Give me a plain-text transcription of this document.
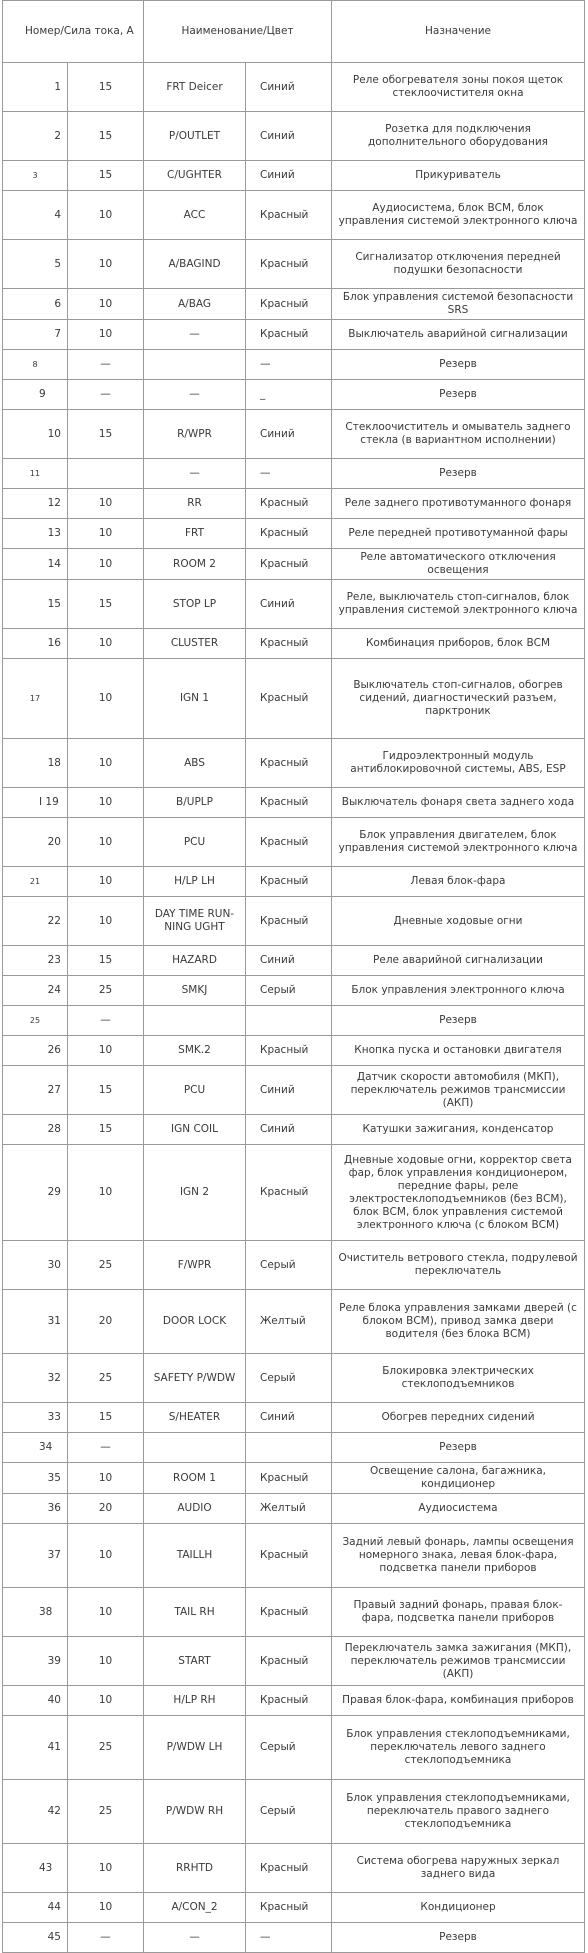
Номер/Сила тока, А		Наименование/Цвет		Назначение
1	15	FRT Deicer	Синий	Реле обогревателя зоны покоя щеток стеклоочистителя окна
2	15	P/OUTLET	Синий	Розетка для подключения дополнительного оборудования
3	15	C/UGHTER	Синий	Прикуриватель
4	10	ACC	Красный	Аудиосистема, блок ВСМ, блок управления системой электронного ключа
5	10	A/BAGIND	Красный	Сигнализатор отключения передней подушки безопасности
6	10	A/BAG	Красный	Блок управления системой безопасности SRS
7	10	—	Красный	Выключатель аварийной сигнализации
8	—		—	Резерв
9	—	—	_	Резерв
10	15	R/WPR	Синий	Стеклоочиститель и омыватель заднего стекла (в вариантном исполнении)
11		—	—	Резерв
12	10	RR	Красный	Реле заднего противотуманного фонаря
13	10	FRT	Красный	Реле передней противотуманной фары
14	10	ROOM 2	Красный	Реле автоматического отключения освещения
15	15	STOP LP	Синий	Реле, выключатель стоп-сигналов, блок управления системой электронного ключа
16	10	CLUSTER	Красный	Комбинация приборов, блок ВСМ
17	10	IGN 1	Красный	Выключатель стоп-сигналов, обогрев сидений, диагностический разъем, парктроник
18	10	ABS	Красный	Гидроэлектронный модуль антиблокировочной системы, ABS, ESP
I 19	10	B/UPLP	Красный	Выключатель фонаря света заднего хода
20	10	PCU	Красный	Блок управления двигателем, блок управления системой электронного ключа
21	10	H/LP LH	Красный	Левая блок-фара
22	10	DAY TIME RUN-NING UGHT	Красный	Дневные ходовые огни
23	15	HAZARD	Синий	Реле аварийной сигнализации
24	25	SMKJ	Серый	Блок управления электронного ключа
25	—			Резерв
26	10	SMK.2	Красный	Кнопка пуска и остановки двигателя
27	15	PCU	Синий	Датчик скорости автомобиля (МКП), переключатель режимов трансмиссии (АКП)
28	15	IGN COIL	Синий	Катушки зажигания, конденсатор
29	10	IGN 2	Красный	Дневные ходовые огни, корректор света фар, блок управления кондиционером, передние фары, реле электростеклоподъемников (без ВСМ), блок ВСМ, блок управления системой электронного ключа (с блоком ВСМ)
30	25	F/WPR	Серый	Очиститель ветрового стекла, подрулевой переключатель
31	20	DOOR LOCK	Желтый	Реле блока управления замками дверей (с блоком ВСМ), привод замка двери водителя (без блока ВСМ)
32	25	SAFETY P/WDW	Серый	Блокировка электрических стеклоподъемников
33	15	S/HEATER	Синий	Обогрев передних сидений
34	—			Резерв
35	10	ROOM 1	Красный	Освещение салона, багажника, кондиционер
36	20	AUDIO	Желтый	Аудиосистема
37	10	TAILLH	Красный	Задний левый фонарь, лампы освещения номерного знака, левая блок-фара, подсветка панели приборов
38	10	TAIL RH	Красный	Правый задний фонарь, правая блок-фара, подсветка панели приборов
39	10	START	Красный	Переключатель замка зажигания (МКП), переключатель режимов трансмиссии (АКП)
40	10	H/LP RH	Красный	Правая блок-фара, комбинация приборов
41	25	P/WDW LH	Серый	Блок управления стеклоподъемниками, переключатель левого заднего стеклоподъемника
42	25	P/WDW RH	Серый	Блок управления стеклоподъемниками, переключатель правого заднего стеклоподъемника
43	10	RRHTD	Красный	Система обогрева наружных зеркал заднего вида
44	10	A/CON_2	Красный	Кондиционер
45	—	—	—	Резерв
